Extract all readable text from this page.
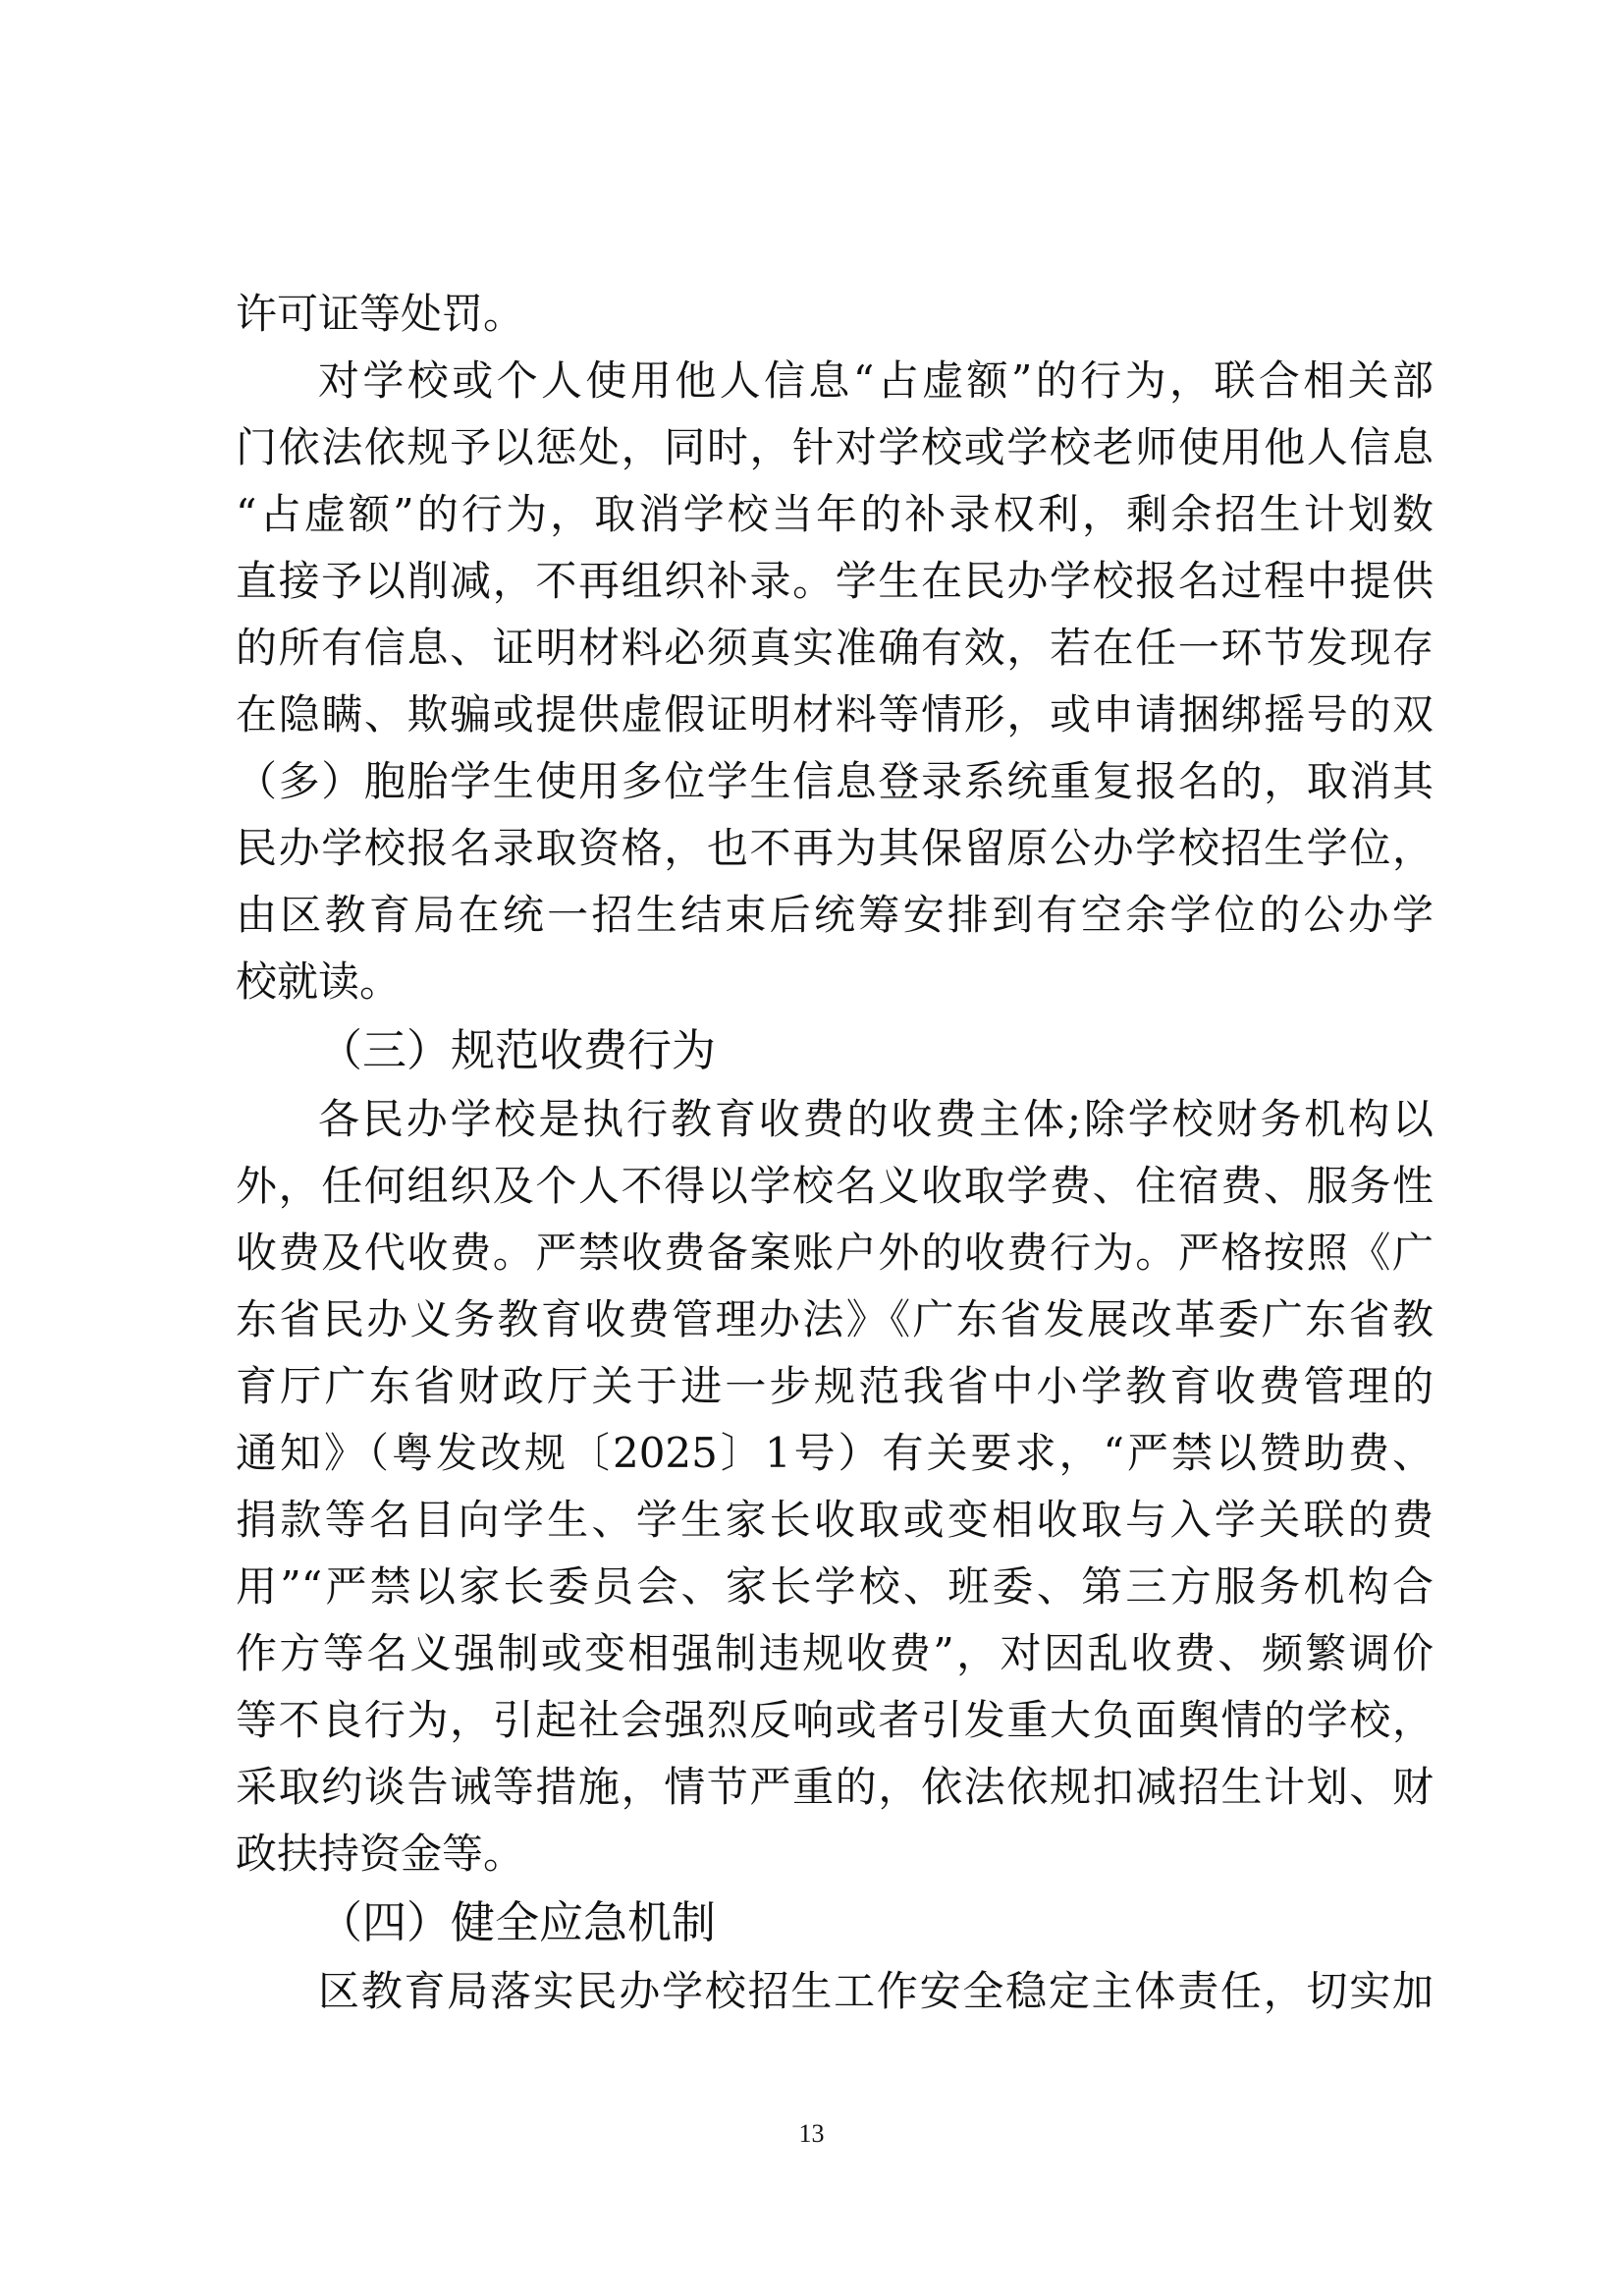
许可证等处罚。
对学校或个人使用他人信息“占虚额”的行为，联合相关部
门依法依规予以惩处，同时，针对学校或学校老师使用他人信息
“占虚额”的行为，取消学校当年的补录权利，剩余招生计划数
直接予以削减，不再组织补录。学生在民办学校报名过程中提供
的所有信息、证明材料必须真实准确有效，若在任一环节发现存
在隐瞒、欺骗或提供虚假证明材料等情形，或申请捆绑摇号的双
（多）胞胎学生使用多位学生信息登录系统重复报名的，取消其
民办学校报名录取资格，也不再为其保留原公办学校招生学位，
由区教育局在统一招生结束后统筹安排到有空余学位的公办学
校就读。
（三）规范收费行为
各民办学校是执行教育收费的收费主体;除学校财务机构以
外，任何组织及个人不得以学校名义收取学费、住宿费、服务性
收费及代收费。严禁收费备案账户外的收费行为。严格按照《广
东省民办义务教育收费管理办法》《广东省发展改革委广东省教
育厅广东省财政厅关于进一步规范我省中小学教育收费管理的
通知》（粤发改规〔2025〕1号）有关要求，“严禁以赞助费、
捐款等名目向学生、学生家长收取或变相收取与入学关联的费
用”“严禁以家长委员会、家长学校、班委、第三方服务机构合
作方等名义强制或变相强制违规收费”，对因乱收费、频繁调价
等不良行为，引起社会强烈反响或者引发重大负面舆情的学校，
采取约谈告诫等措施，情节严重的，依法依规扣减招生计划、财
政扶持资金等。
（四）健全应急机制
区教育局落实民办学校招生工作安全稳定主体责任，切实加
13
